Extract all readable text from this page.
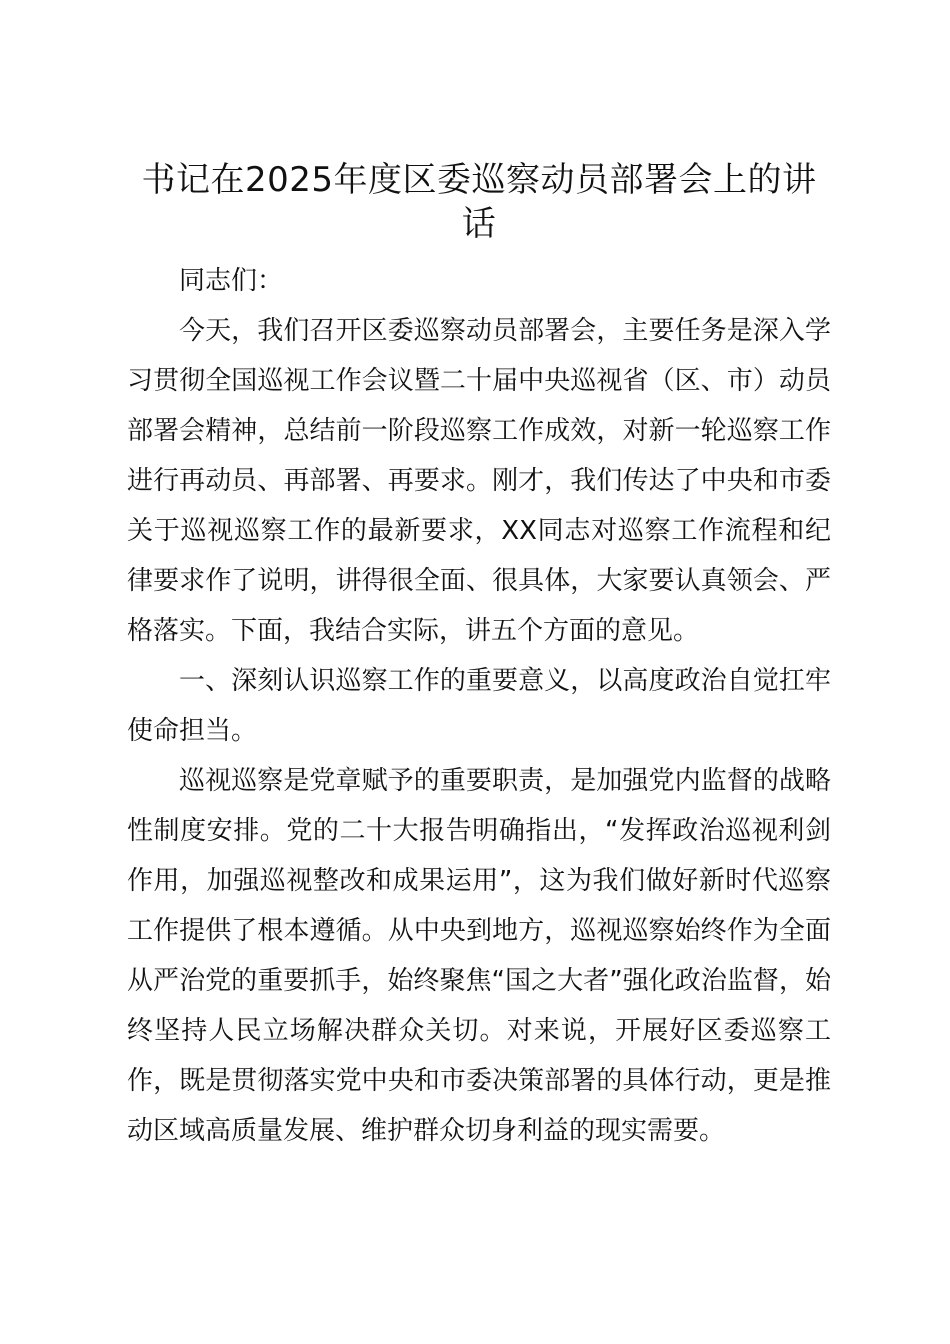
书记在2025年度区委巡察动员部署会上的讲话

同志们：

今天，我们召开区委巡察动员部署会，主要任务是深入学习贯彻全国巡视工作会议暨二十届中央巡视省（区、市）动员部署会精神，总结前一阶段巡察工作成效，对新一轮巡察工作进行再动员、再部署、再要求。刚才，我们传达了中央和市委关于巡视巡察工作的最新要求，XX同志对巡察工作流程和纪律要求作了说明，讲得很全面、很具体，大家要认真领会、严格落实。下面，我结合实际，讲五个方面的意见。

一、深刻认识巡察工作的重要意义，以高度政治自觉扛牢使命担当。

巡视巡察是党章赋予的重要职责，是加强党内监督的战略性制度安排。党的二十大报告明确指出，“发挥政治巡视利剑作用，加强巡视整改和成果运用”，这为我们做好新时代巡察工作提供了根本遵循。从中央到地方，巡视巡察始终作为全面从严治党的重要抓手，始终聚焦“国之大者”强化政治监督，始终坚持人民立场解决群众关切。对来说，开展好区委巡察工作，既是贯彻落实党中央和市委决策部署的具体行动，更是推动区域高质量发展、维护群众切身利益的现实需要。
